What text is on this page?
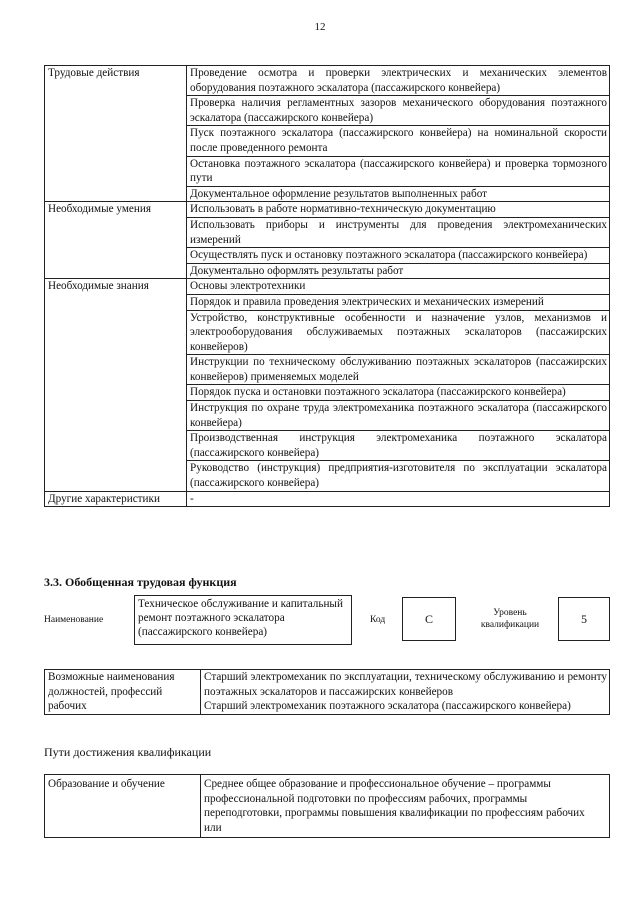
12
Трудовые действия	Проведение осмотра и проверки электрических и механических элементов оборудования поэтажного эскалатора (пассажирского конвейера)
	Проверка наличия регламентных зазоров механического оборудования поэтажного эскалатора (пассажирского конвейера)
	Пуск поэтажного эскалатора (пассажирского конвейера) на номинальной скорости после проведенного ремонта
	Остановка поэтажного эскалатора (пассажирского конвейера) и проверка тормозного пути
	Документальное оформление результатов выполненных работ
Необходимые умения	Использовать в работе нормативно-техническую документацию
	Использовать приборы и инструменты для проведения электромеханических измерений
	Осуществлять пуск и остановку поэтажного эскалатора (пассажирского конвейера)
	Документально оформлять результаты работ
Необходимые знания	Основы электротехники
	Порядок и правила проведения электрических и механических измерений
	Устройство, конструктивные особенности и назначение узлов, механизмов и электрооборудования обслуживаемых поэтажных эскалаторов (пассажирских конвейеров)
	Инструкции по техническому обслуживанию поэтажных эскалаторов (пассажирских конвейеров) применяемых моделей
	Порядок пуска и остановки поэтажного эскалатора (пассажирского конвейера)
	Инструкция по охране труда электромеханика поэтажного эскалатора (пассажирского конвейера)
	Производственная инструкция электромеханика поэтажного эскалатора (пассажирского конвейера)
	Руководство (инструкция) предприятия-изготовителя по эксплуатации эскалатора (пассажирского конвейера)
Другие характеристики	-
3.3. Обобщенная трудовая функция
Наименование
Техническое обслуживание и капитальный ремонт поэтажного эскалатора (пассажирского конвейера)
Код	C	Уровень
квалификации	5
Возможные наименования должностей, профессий рабочих	Старший электромеханик по эксплуатации, техническому обслуживанию и ремонту поэтажных эскалаторов и пассажирских конвейеров
Старший электромеханик поэтажного эскалатора (пассажирского конвейера)
Пути достижения квалификации
Образование и обучение	Среднее общее образование и профессиональное обучение – программы профессиональной подготовки по профессиям рабочих, программы переподготовки, программы повышения квалификации по профессиям рабочих
или
